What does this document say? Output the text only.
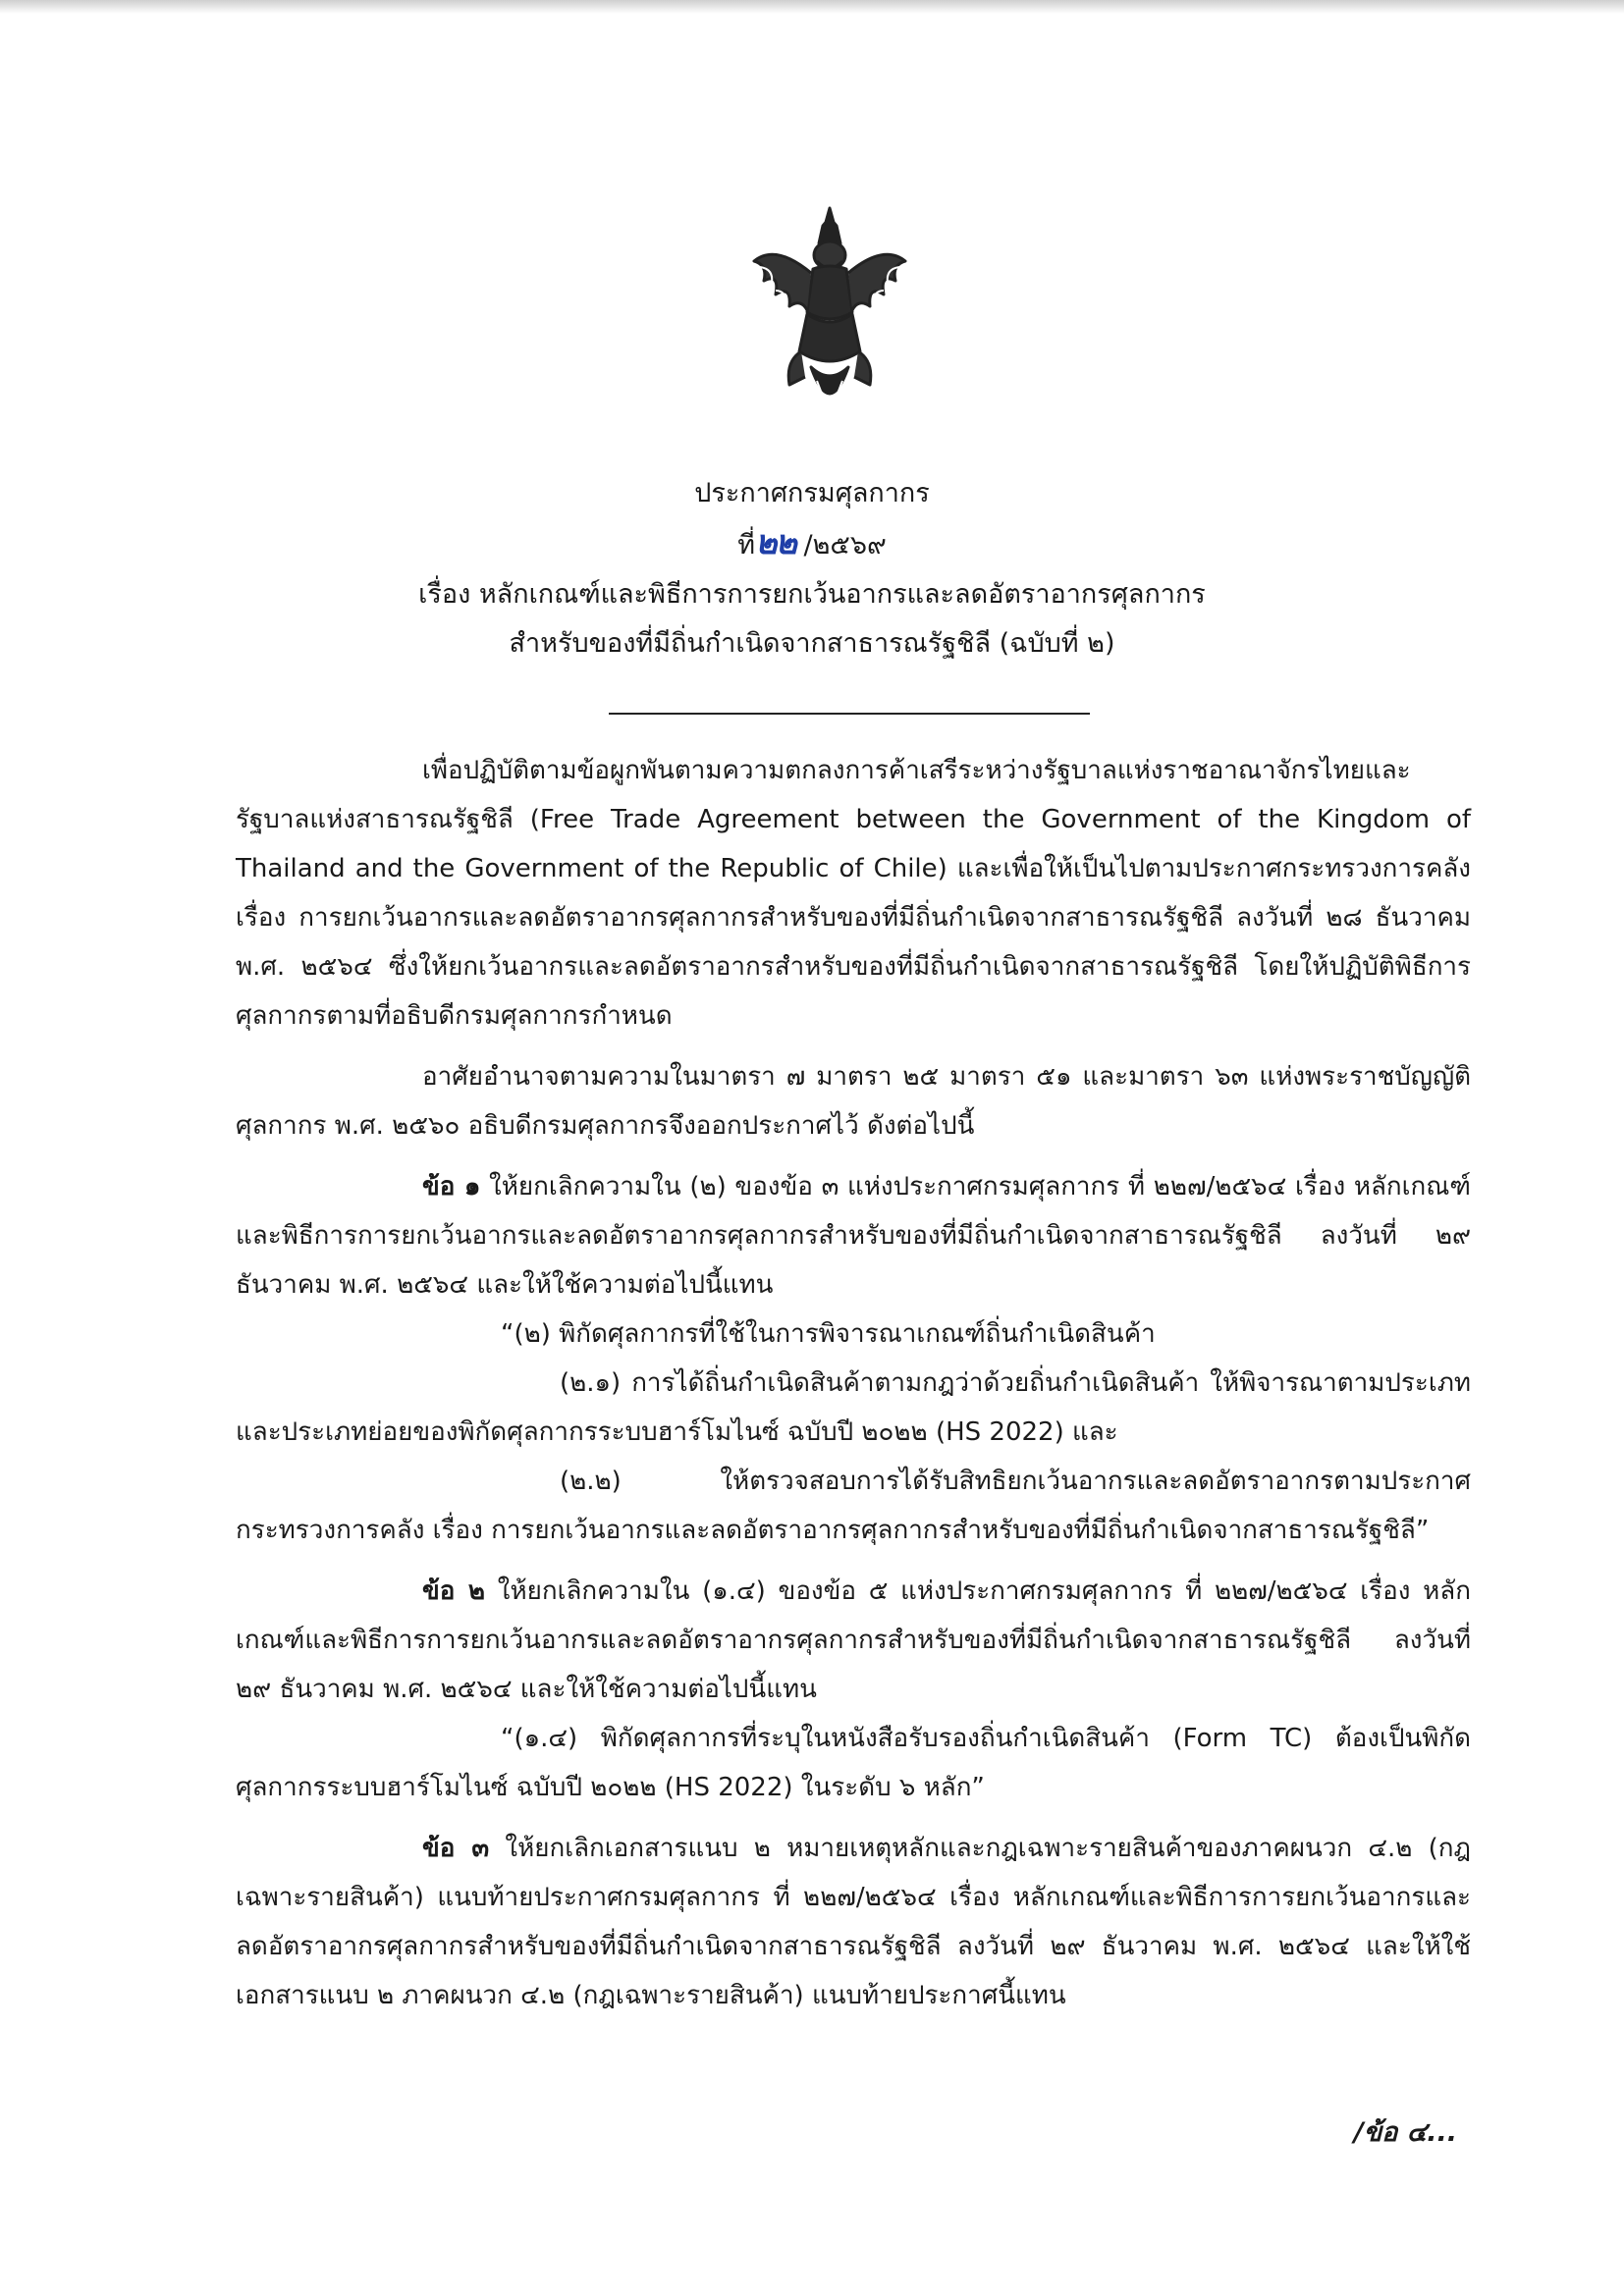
ประกาศกรมศุลกากร
ที่๒๒ /๒๕๖๙
เรื่อง หลักเกณฑ์และพิธีการการยกเว้นอากรและลดอัตราอากรศุลกากร
สำหรับของที่มีถิ่นกำเนิดจากสาธารณรัฐชิลี (ฉบับที่ ๒)

เพื่อปฏิบัติตามข้อผูกพันตามความตกลงการค้าเสรีระหว่างรัฐบาลแห่งราชอาณาจักรไทยและรัฐบาลแห่งสาธารณรัฐชิลี (Free Trade Agreement between the Government of the Kingdom of Thailand and the Government of the Republic of Chile) และเพื่อให้เป็นไปตามประกาศกระทรวงการคลัง เรื่อง การยกเว้นอากรและลดอัตราอากรศุลกากรสำหรับของที่มีถิ่นกำเนิดจากสาธารณรัฐชิลี ลงวันที่ ๒๘ ธันวาคม พ.ศ. ๒๕๖๔ ซึ่งให้ยกเว้นอากรและลดอัตราอากรสำหรับของที่มีถิ่นกำเนิดจากสาธารณรัฐชิลี โดยให้ปฏิบัติพิธีการศุลกากรตามที่อธิบดีกรมศุลกากรกำหนด

อาศัยอำนาจตามความในมาตรา ๗ มาตรา ๒๕ มาตรา ๕๑ และมาตรา ๖๓ แห่งพระราชบัญญัติศุลกากร พ.ศ. ๒๕๖๐ อธิบดีกรมศุลกากรจึงออกประกาศไว้ ดังต่อไปนี้

ข้อ ๑ ให้ยกเลิกความใน (๒) ของข้อ ๓ แห่งประกาศกรมศุลกากร ที่ ๒๒๗/๒๕๖๔ เรื่อง หลักเกณฑ์และพิธีการการยกเว้นอากรและลดอัตราอากรศุลกากรสำหรับของที่มีถิ่นกำเนิดจากสาธารณรัฐชิลี ลงวันที่ ๒๙ ธันวาคม พ.ศ. ๒๕๖๔ และให้ใช้ความต่อไปนี้แทน

“(๒) พิกัดศุลกากรที่ใช้ในการพิจารณาเกณฑ์ถิ่นกำเนิดสินค้า

(๒.๑) การได้ถิ่นกำเนิดสินค้าตามกฎว่าด้วยถิ่นกำเนิดสินค้า ให้พิจารณาตามประเภทและประเภทย่อยของพิกัดศุลกากรระบบฮาร์โมไนซ์ ฉบับปี ๒๐๒๒ (HS 2022) และ

(๒.๒) ให้ตรวจสอบการได้รับสิทธิยกเว้นอากรและลดอัตราอากรตามประกาศกระทรวงการคลัง เรื่อง การยกเว้นอากรและลดอัตราอากรศุลกากรสำหรับของที่มีถิ่นกำเนิดจากสาธารณรัฐชิลี”

ข้อ ๒ ให้ยกเลิกความใน (๑.๔) ของข้อ ๕ แห่งประกาศกรมศุลกากร ที่ ๒๒๗/๒๕๖๔ เรื่อง หลักเกณฑ์และพิธีการการยกเว้นอากรและลดอัตราอากรศุลกากรสำหรับของที่มีถิ่นกำเนิดจากสาธารณรัฐชิลี ลงวันที่ ๒๙ ธันวาคม พ.ศ. ๒๕๖๔ และให้ใช้ความต่อไปนี้แทน

“(๑.๔) พิกัดศุลกากรที่ระบุในหนังสือรับรองถิ่นกำเนิดสินค้า (Form TC) ต้องเป็นพิกัดศุลกากรระบบฮาร์โมไนซ์ ฉบับปี ๒๐๒๒ (HS 2022) ในระดับ ๖ หลัก”

ข้อ ๓ ให้ยกเลิกเอกสารแนบ ๒ หมายเหตุหลักและกฎเฉพาะรายสินค้าของภาคผนวก ๔.๒ (กฎเฉพาะรายสินค้า) แนบท้ายประกาศกรมศุลกากร ที่ ๒๒๗/๒๕๖๔ เรื่อง หลักเกณฑ์และพิธีการการยกเว้นอากรและลดอัตราอากรศุลกากรสำหรับของที่มีถิ่นกำเนิดจากสาธารณรัฐชิลี ลงวันที่ ๒๙ ธันวาคม พ.ศ. ๒๕๖๔ และให้ใช้เอกสารแนบ ๒ ภาคผนวก ๔.๒ (กฎเฉพาะรายสินค้า) แนบท้ายประกาศนี้แทน

/ข้อ ๔...
